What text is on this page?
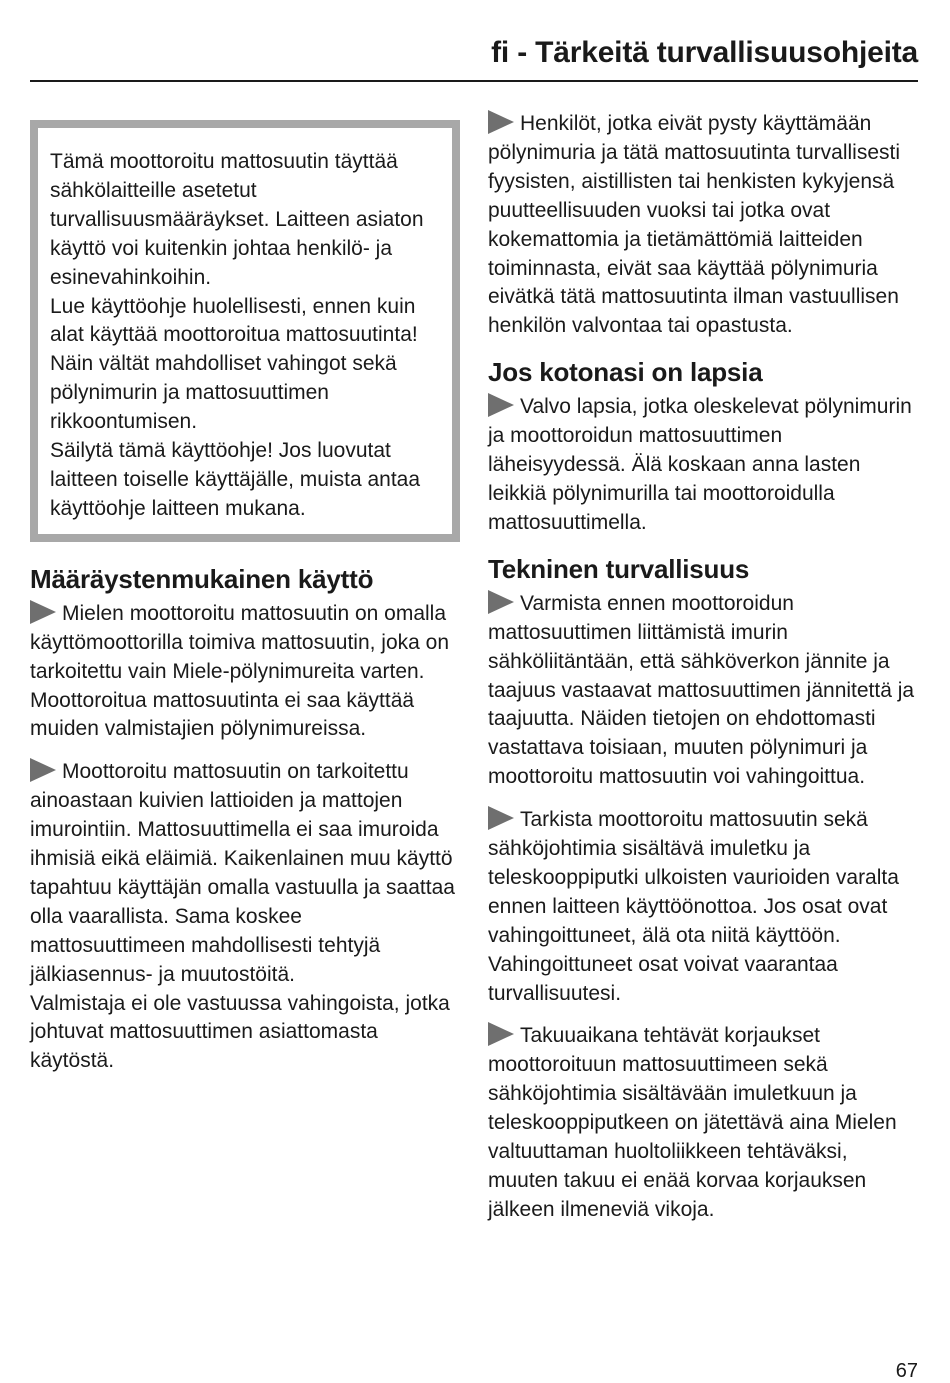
fi - Tärkeitä turvallisuusohjeita

Tämä moottoroitu mattosuutin täyttää sähkölaitteille asetetut turvallisuusmääräykset. Laitteen asiaton käyttö voi kuitenkin johtaa henkilö- ja esinevahinkoihin.

Lue käyttöohje huolellisesti, ennen kuin alat käyttää moottoroitua mattosuutinta!

Näin vältät mahdolliset vahingot sekä pölynimurin ja mattosuuttimen rikkoontumisen.

Säilytä tämä käyttöohje! Jos luovutat laitteen toiselle käyttäjälle, muista antaa käyttöohje laitteen mukana.

Määräystenmukainen käyttö

Mielen moottoroitu mattosuutin on omalla käyttömoottorilla toimiva mattosuutin, joka on tarkoitettu vain Miele-pölynimureita varten. Moottoroitua mattosuutinta ei saa käyttää muiden valmistajien pölynimureissa.

Moottoroitu mattosuutin on tarkoitettu ainoastaan kuivien lattioiden ja mattojen imurointiin. Mattosuuttimella ei saa imuroida ihmisiä eikä eläimiä. Kaikenlainen muu käyttö tapahtuu käyttäjän omalla vastuulla ja saattaa olla vaarallista. Sama koskee mattosuuttimeen mahdollisesti tehtyjä jälkiasennus- ja muutostöitä.

Valmistaja ei ole vastuussa vahingoista, jotka johtuvat mattosuuttimen asiattomasta käytöstä.

Henkilöt, jotka eivät pysty käyttämään pölynimuria ja tätä mattosuutinta turvallisesti fyysisten, aistillisten tai henkisten kykyjensä puutteellisuuden vuoksi tai jotka ovat kokemattomia ja tietämättömiä laitteiden toiminnasta, eivät saa käyttää pölynimuria eivätkä tätä mattosuutinta ilman vastuullisen henkilön valvontaa tai opastusta.

Jos kotonasi on lapsia

Valvo lapsia, jotka oleskelevat pölynimurin ja moottoroidun mattosuuttimen läheisyydessä. Älä koskaan anna lasten leikkiä pölynimurilla tai moottoroidulla mattosuuttimella.

Tekninen turvallisuus

Varmista ennen moottoroidun mattosuuttimen liittämistä imurin sähköliitäntään, että sähköverkon jännite ja taajuus vastaavat mattosuuttimen jännitettä ja taajuutta. Näiden tietojen on ehdottomasti vastattava toisiaan, muuten pölynimuri ja moottoroitu mattosuutin voi vahingoittua.

Tarkista moottoroitu mattosuutin sekä sähköjohtimia sisältävä imuletku ja teleskooppiputki ulkoisten vaurioiden varalta ennen laitteen käyttöönottoa. Jos osat ovat vahingoittuneet, älä ota niitä käyttöön. Vahingoittuneet osat voivat vaarantaa turvallisuutesi.

Takuuaikana tehtävät korjaukset moottoroituun mattosuuttimeen sekä sähköjohtimia sisältävään imuletkuun ja teleskooppiputkeen on jätettävä aina Mielen valtuuttaman huoltoliikkeen tehtäväksi, muuten takuu ei enää korvaa korjauksen jälkeen ilmeneviä vikoja.

67
